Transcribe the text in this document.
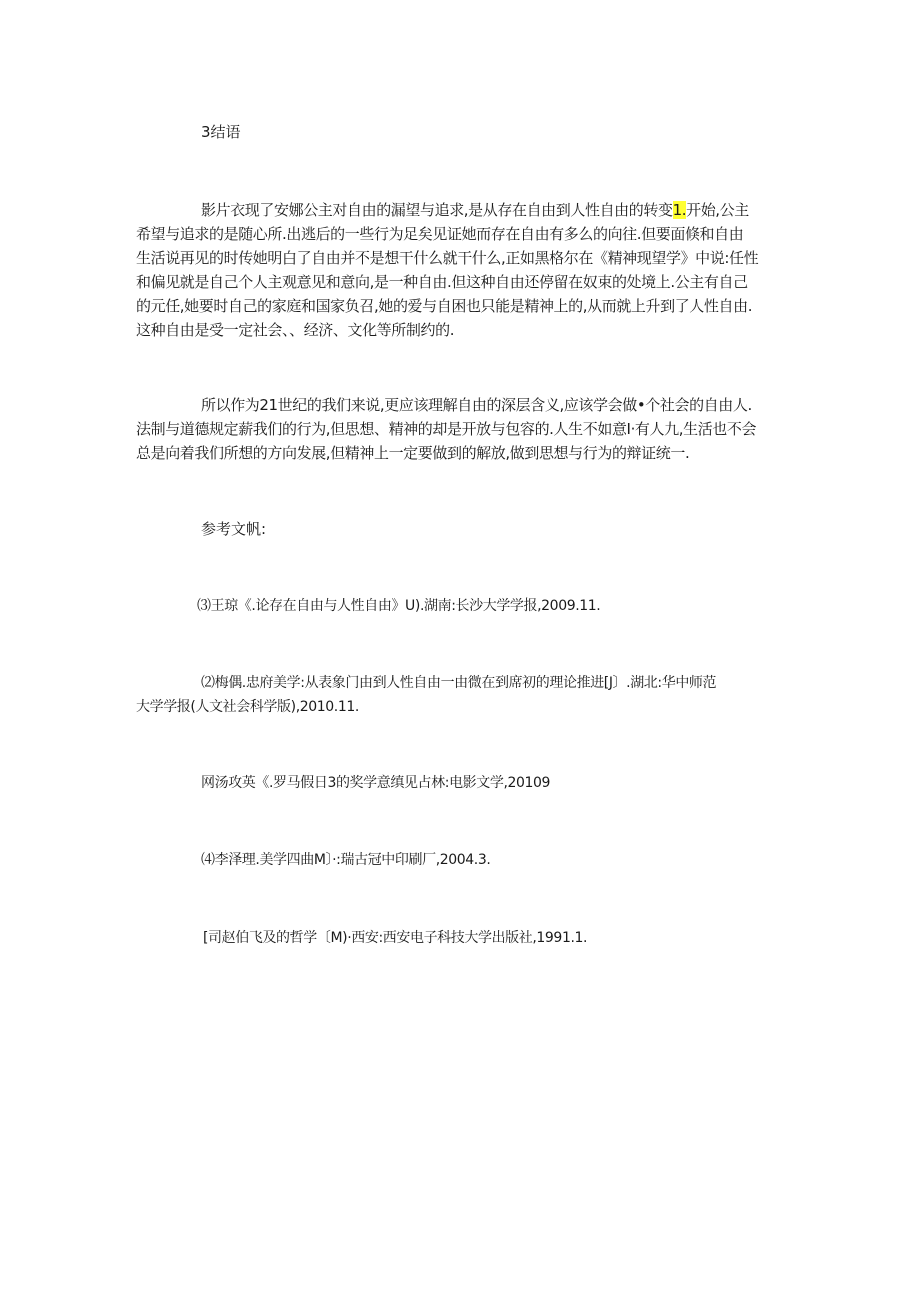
3结语
影片衣现了安娜公主对自由的漏望与追求,是从存在自由到人性自由的转变1.开始,公主
希望与追求的是随心所.出逃后的一些行为足矣见证她而存在自由有多么的向往.但要面倏和自由
生活说再见的时传她明白了自由并不是想干什么就干什么,正如黑格尔在《精神现望学》中说:任性
和偏见就是自己个人主观意见和意向,是一种自由.但这种自由还停留在奴束的处境上.公主有自己
的元任,她要时自己的家庭和国家负召,她的爱与自困也只能是精神上的,从而就上升到了人性自由.
这种自由是受一定社会、、经济、文化等所制约的.
所以作为21世纪的我们来说,更应该理解自由的深层含义,应该学会做•个社会的自由人.
法制与道德规定薪我们的行为,但思想、精神的却是开放与包容的.人生不如意I·有人九,生活也不会
总是向着我们所想的方向发展,但精神上一定要做到的解放,做到思想与行为的辩证统一.
参考文帆:
⑶王琼《.论存在自由与人性自由》U).湖南:长沙大学学报,2009.11.
⑵梅偶.忠府美学:从表象门由到人性自由一由微在到席初的理论推进[J〕.湖北:华中师范
大学学报(人文社会科学版),2010.11.
网汤攻英《.罗马假日3的奖学意缜见占林:电影文学,20109
⑷李泽理.美学四曲M〕·:瑞古冠中印刷厂,2004.3.
[司赵伯飞及的哲学〔M)·西安:西安电子科技大学出版社,1991.1.
